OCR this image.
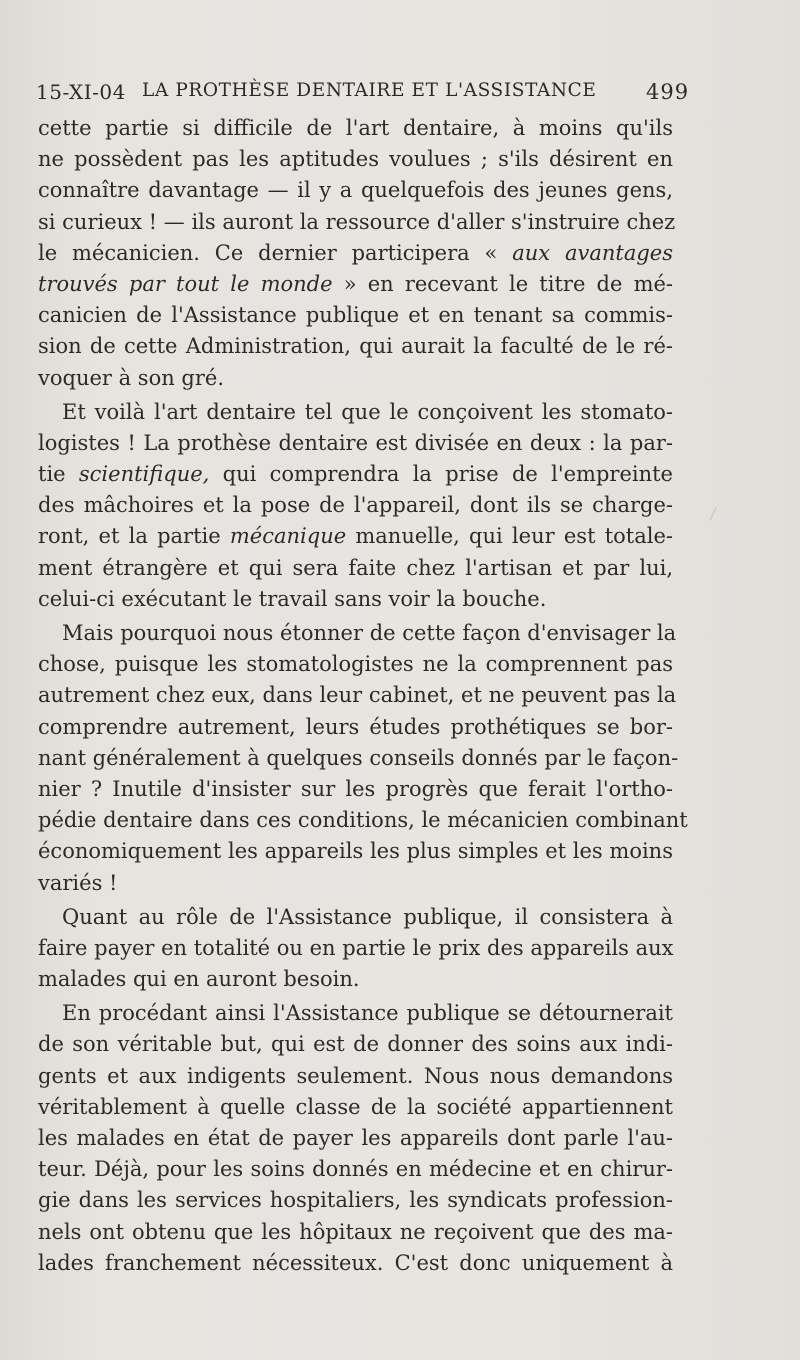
15-XI-04 LA PROTHÈSE DENTAIRE ET L'ASSISTANCE 499
cette partie si difficile de l'art dentaire, à moins qu'ils
ne possèdent pas les aptitudes voulues ; s'ils désirent en
connaître davantage — il y a quelquefois des jeunes gens,
si curieux ! — ils auront la ressource d'aller s'instruire chez
le mécanicien. Ce dernier participera « aux avantages
trouvés par tout le monde » en recevant le titre de mé-
canicien de l'Assistance publique et en tenant sa commis-
sion de cette Administration, qui aurait la faculté de le ré-
voquer à son gré.
Et voilà l'art dentaire tel que le conçoivent les stomato-
logistes ! La prothèse dentaire est divisée en deux : la par-
tie scientifique, qui comprendra la prise de l'empreinte
des mâchoires et la pose de l'appareil, dont ils se charge-
ront, et la partie mécanique manuelle, qui leur est totale-
ment étrangère et qui sera faite chez l'artisan et par lui,
celui-ci exécutant le travail sans voir la bouche.
Mais pourquoi nous étonner de cette façon d'envisager la
chose, puisque les stomatologistes ne la comprennent pas
autrement chez eux, dans leur cabinet, et ne peuvent pas la
comprendre autrement, leurs études prothétiques se bor-
nant généralement à quelques conseils donnés par le façon-
nier ? Inutile d'insister sur les progrès que ferait l'ortho-
pédie dentaire dans ces conditions, le mécanicien combinant
économiquement les appareils les plus simples et les moins
variés !
Quant au rôle de l'Assistance publique, il consistera à
faire payer en totalité ou en partie le prix des appareils aux
malades qui en auront besoin.
En procédant ainsi l'Assistance publique se détournerait
de son véritable but, qui est de donner des soins aux indi-
gents et aux indigents seulement. Nous nous demandons
véritablement à quelle classe de la société appartiennent
les malades en état de payer les appareils dont parle l'au-
teur. Déjà, pour les soins donnés en médecine et en chirur-
gie dans les services hospitaliers, les syndicats profession-
nels ont obtenu que les hôpitaux ne reçoivent que des ma-
lades franchement nécessiteux. C'est donc uniquement à
